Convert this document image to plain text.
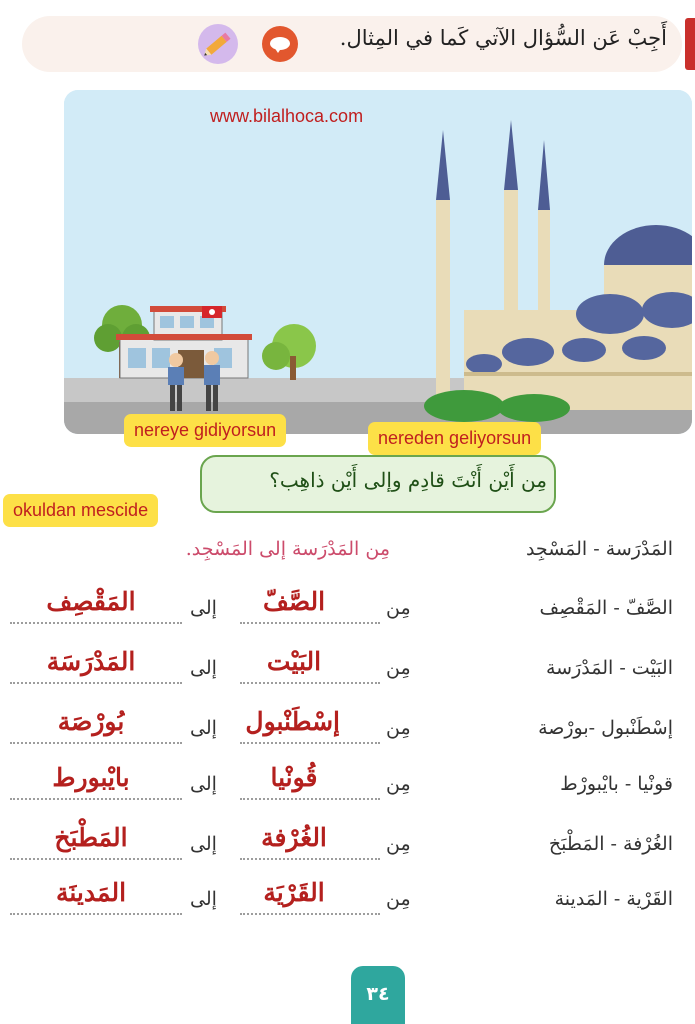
أَجِبْ عَن السُّؤال الآتي كَما في المِثال.
www.bilalhoca.com
nereye gidiyorsun	nereden geliyorsun
okuldan mescide
مِن أَيْن أَنْتَ قادِم وإلى أَيْن ذاهِب؟
المَدْرَسة - المَسْجِد
مِن المَدْرَسة إلى المَسْجِد.
الصَّفّ - المَقْصِف
مِن
الصَّفّ
إلى
المَقْصِف
البَيْت - المَدْرَسة
مِن
البَيْت
إلى
المَدْرَسَة
إسْطَنْبول -بورْصة
مِن
إسْطَنْبول
إلى
بُورْصَة
قونْيا - بايْبورْط
مِن
قُونْيا
إلى
بايْبورط
الغُرْفة - المَطْبَخ
مِن
الغُرْفة
إلى
المَطْبَخ
القَرْية - المَدينة
مِن
القَرْيَة
إلى
المَدينَة
٣٤
